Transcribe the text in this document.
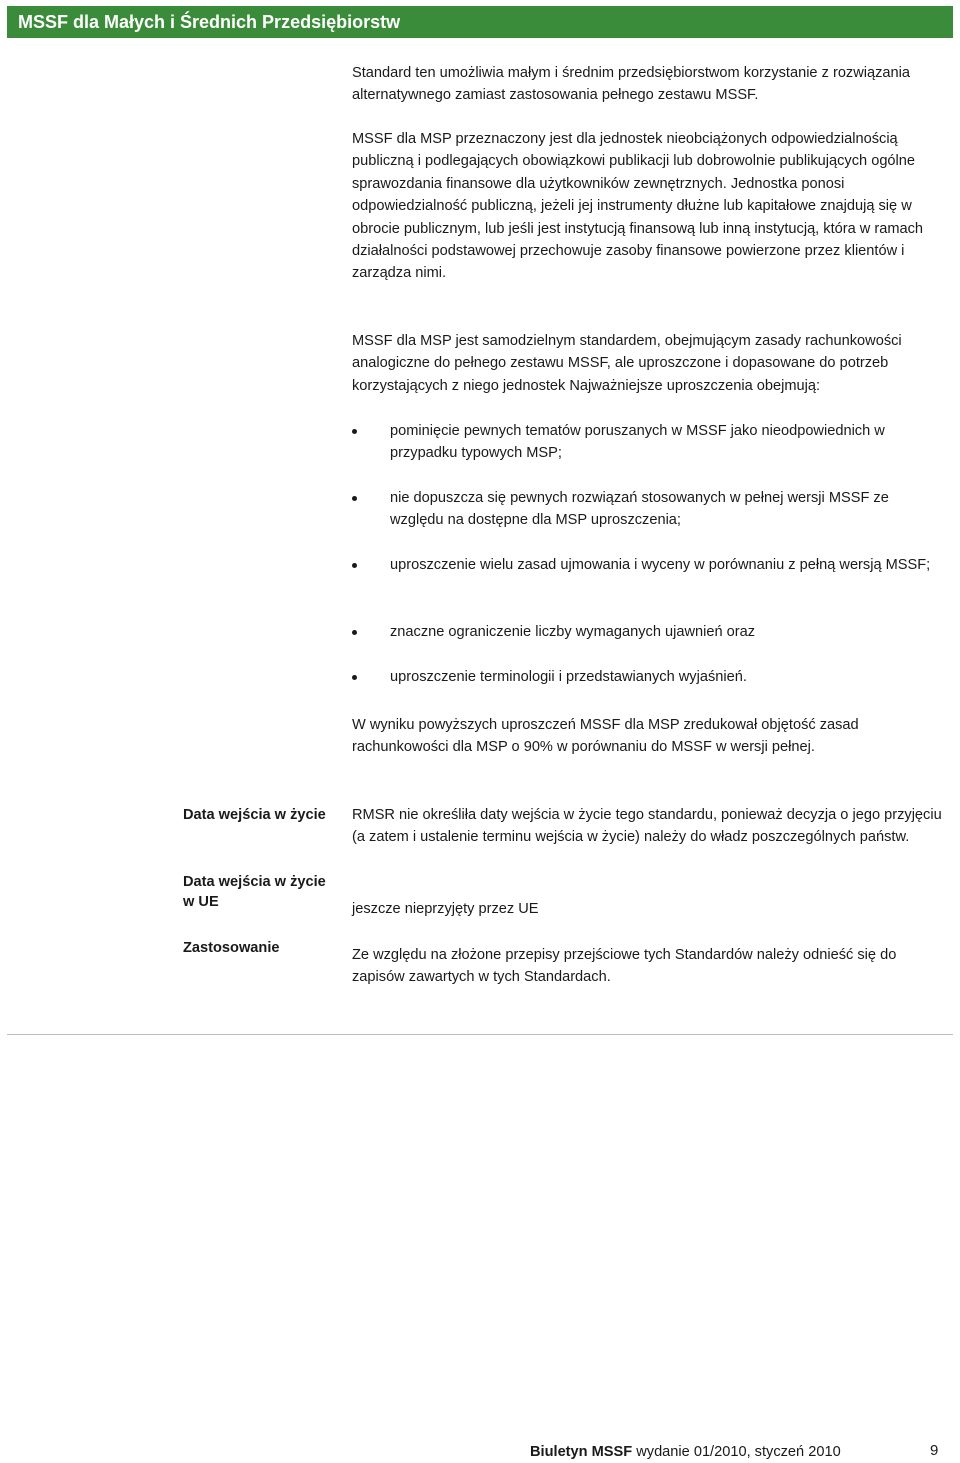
MSSF dla Małych i Średnich Przedsiębiorstw

Standard ten umożliwia małym i średnim przedsiębiorstwom korzystanie z rozwiązania alternatywnego zamiast zastosowania pełnego zestawu MSSF.

MSSF dla MSP przeznaczony jest dla jednostek nieobciążonych odpowiedzialnością publiczną i podlegających obowiązkowi publikacji lub dobrowolnie publikujących ogólne sprawozdania finansowe dla użytkowników zewnętrznych. Jednostka ponosi odpowiedzialność publiczną, jeżeli jej instrumenty dłużne lub kapitałowe znajdują się w obrocie publicznym, lub jeśli jest instytucją finansową lub inną instytucją, która w ramach działalności podstawowej przechowuje zasoby finansowe powierzone przez klientów i zarządza nimi.

MSSF dla MSP jest samodzielnym standardem, obejmującym zasady rachunkowości analogiczne do pełnego zestawu MSSF, ale uproszczone i dopasowane do potrzeb korzystających z niego jednostek Najważniejsze uproszczenia obejmują:

pominięcie pewnych tematów poruszanych w MSSF jako nieodpowiednich w przypadku typowych MSP;
nie dopuszcza się pewnych rozwiązań stosowanych w pełnej wersji MSSF ze względu na dostępne dla MSP uproszczenia;
uproszczenie wielu zasad ujmowania i wyceny w porównaniu z pełną wersją MSSF;
znaczne ograniczenie liczby wymaganych ujawnień oraz
uproszczenie terminologii i przedstawianych wyjaśnień.

W wyniku powyższych uproszczeń MSSF dla MSP zredukował objętość zasad rachunkowości dla MSP o 90% w porównaniu do MSSF w wersji pełnej.

Data wejścia w życie	RMSR nie określiła daty wejścia w życie tego standardu, ponieważ decyzja o jego przyjęciu (a zatem i ustalenie terminu wejścia w życie) należy do władz poszczególnych państw.
Data wejścia w życie w UE	jeszcze nieprzyjęty przez UE
Zastosowanie	Ze względu na złożone przepisy przejściowe tych Standardów należy odnieść się do zapisów zawartych w tych Standardach.
Biuletyn MSSF wydanie 01/2010, styczeń 2010	9
